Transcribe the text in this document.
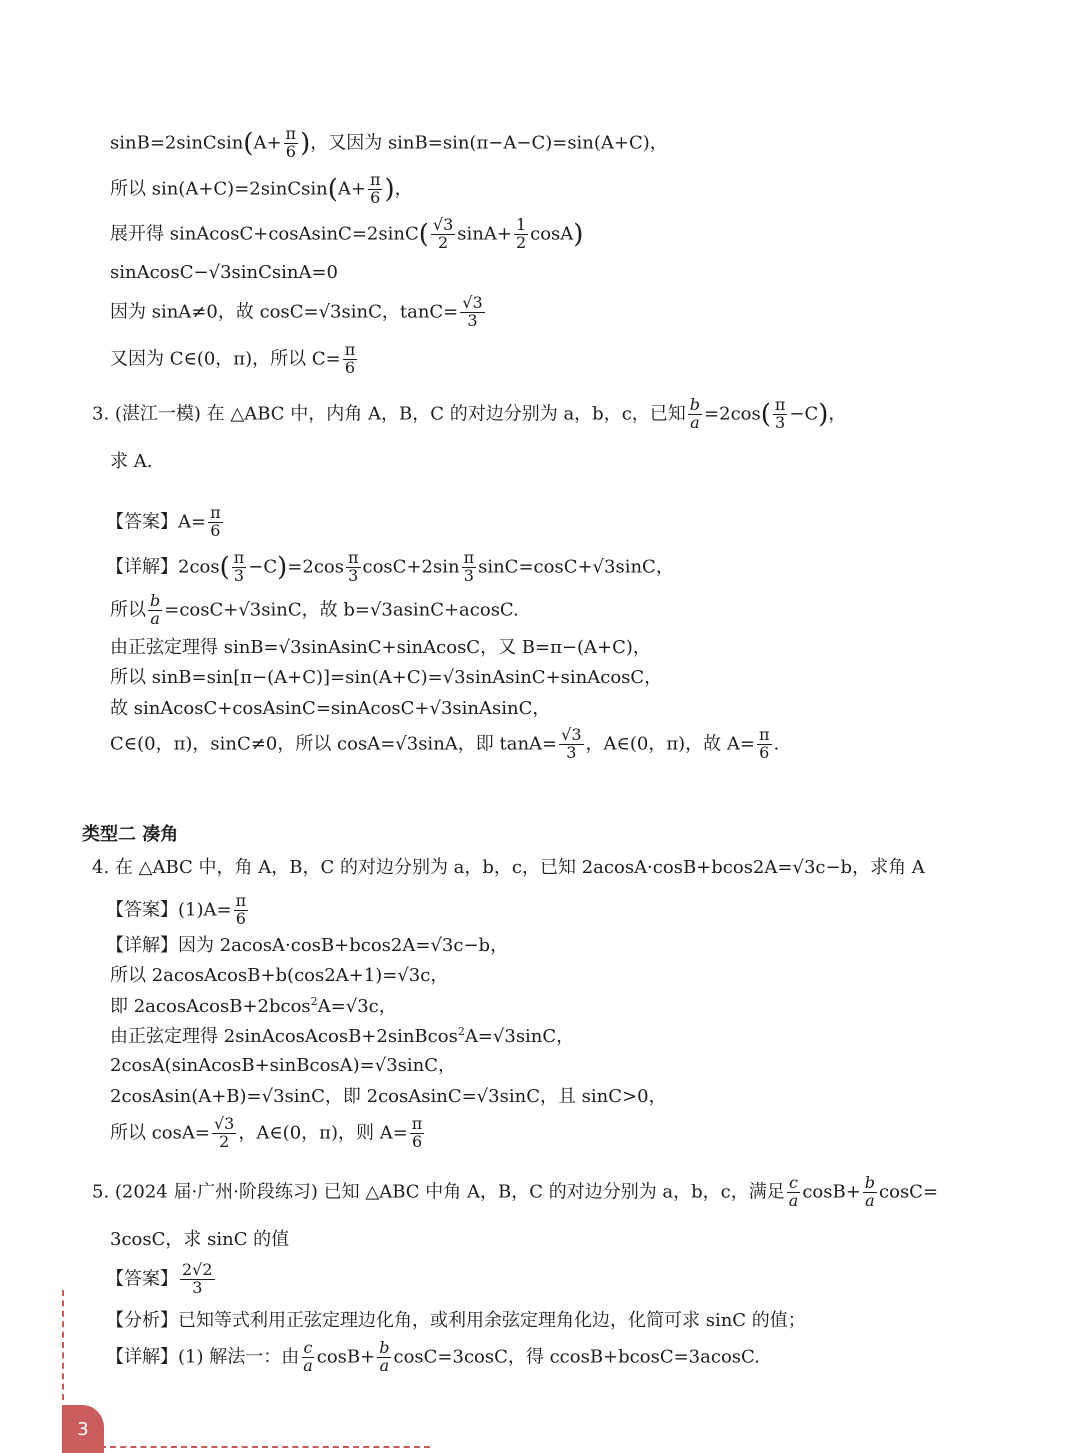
sinB=2sinCsin(A+ $\frac{\pi}{6}$ )，又因为 sinB=sin(π−A−C)=sin(A+C)，
所以 sin(A+C)=2sinCsin(A+ $\frac{\pi}{6}$ )，
展开得 sinAcosC+cosAsinC=2sinC( $\frac{√3}{2} \sin A+ \frac{1}{2} \cos A$)
sinAcosC−√3sinCsinA=0
因为 sinA≠0，故 cosC=√3sinC，$\tan C= \frac{√3}{3}$
又因为 C∈(0，π)，所以 $C= \frac{\pi}{6}$
3. (湛江一模) 在 △ABC 中，内角 A，B，C 的对边分别为 a，b，c，已知 $\frac{b}{a} =2\cos( \frac{\pi}{3} -C)$，
求 A.
【答案】$A= \frac{\pi}{6}$
【详解】$2\cos( \frac{\pi}{3} -C)=2\cos \frac{\pi}{3} \cos C+2\sin \frac{\pi}{3} \sin C=\cos C+√3\sin C$，
所以 $\frac{b}{a} =\cos C+√3\sin C$，故 b=√3asinC+acosC.
由正弦定理得 sinB=√3sinAsinC+sinAcosC，又 B=π−(A+C)，
所以 sinB=sin[π−(A+C)]=sin(A+C)=√3sinAsinC+sinAcosC，
故 sinAcosC+cosAsinC=sinAcosC+√3sinAsinC，
C∈(0，π)，sinC≠0，所以 cosA=√3sinA，即 $\tan A= \frac{√3}{3}$ ，A∈(0，π)，故 $A= \frac{\pi}{6}$ .
类型二 凑角
4. 在 △ABC 中，角 A，B，C 的对边分别为 a，b，c，已知 2acosA·cosB+bcos2A=√3c−b，求角 A
【答案】$(1)A= \frac{\pi}{6}$
【详解】因为 2acosA·cosB+bcos2A=√3c−b，
所以 2acosAcosB+b(cos2A+1)=√3c，
即 2acosAcosB+2bcos$^2$A=√3c，
由正弦定理得 2sinAcosAcosB+2sinBcos$^2$A=√3sinC，
2cosA(sinAcosB+sinBcosA)=√3sinC，
2cosAsin(A+B)=√3sinC，即 2cosAsinC=√3sinC，且 sinC>0，
所以 $\cos A= \frac{√3}{2}$ ，A∈(0，π)，则 $A= \frac{\pi}{6}$
5. (2024 届·广州·阶段练习) 已知 △ABC 中角 A，B，C 的对边分别为 a，b，c，满足 $\frac{c}{a} \cos B+ \frac{b}{a} \cos C=$
3cosC，求 sinC 的值
【答案】 $\frac{2√2}{3}$
【分析】已知等式利用正弦定理边化角，或利用余弦定理角化边，化简可求 sinC 的值；
【详解】(1) 解法一：由 $\frac{c}{a} \cos B+ \frac{b}{a} \cos C=3\cos C$，得 ccosB+bcosC=3acosC.
3
